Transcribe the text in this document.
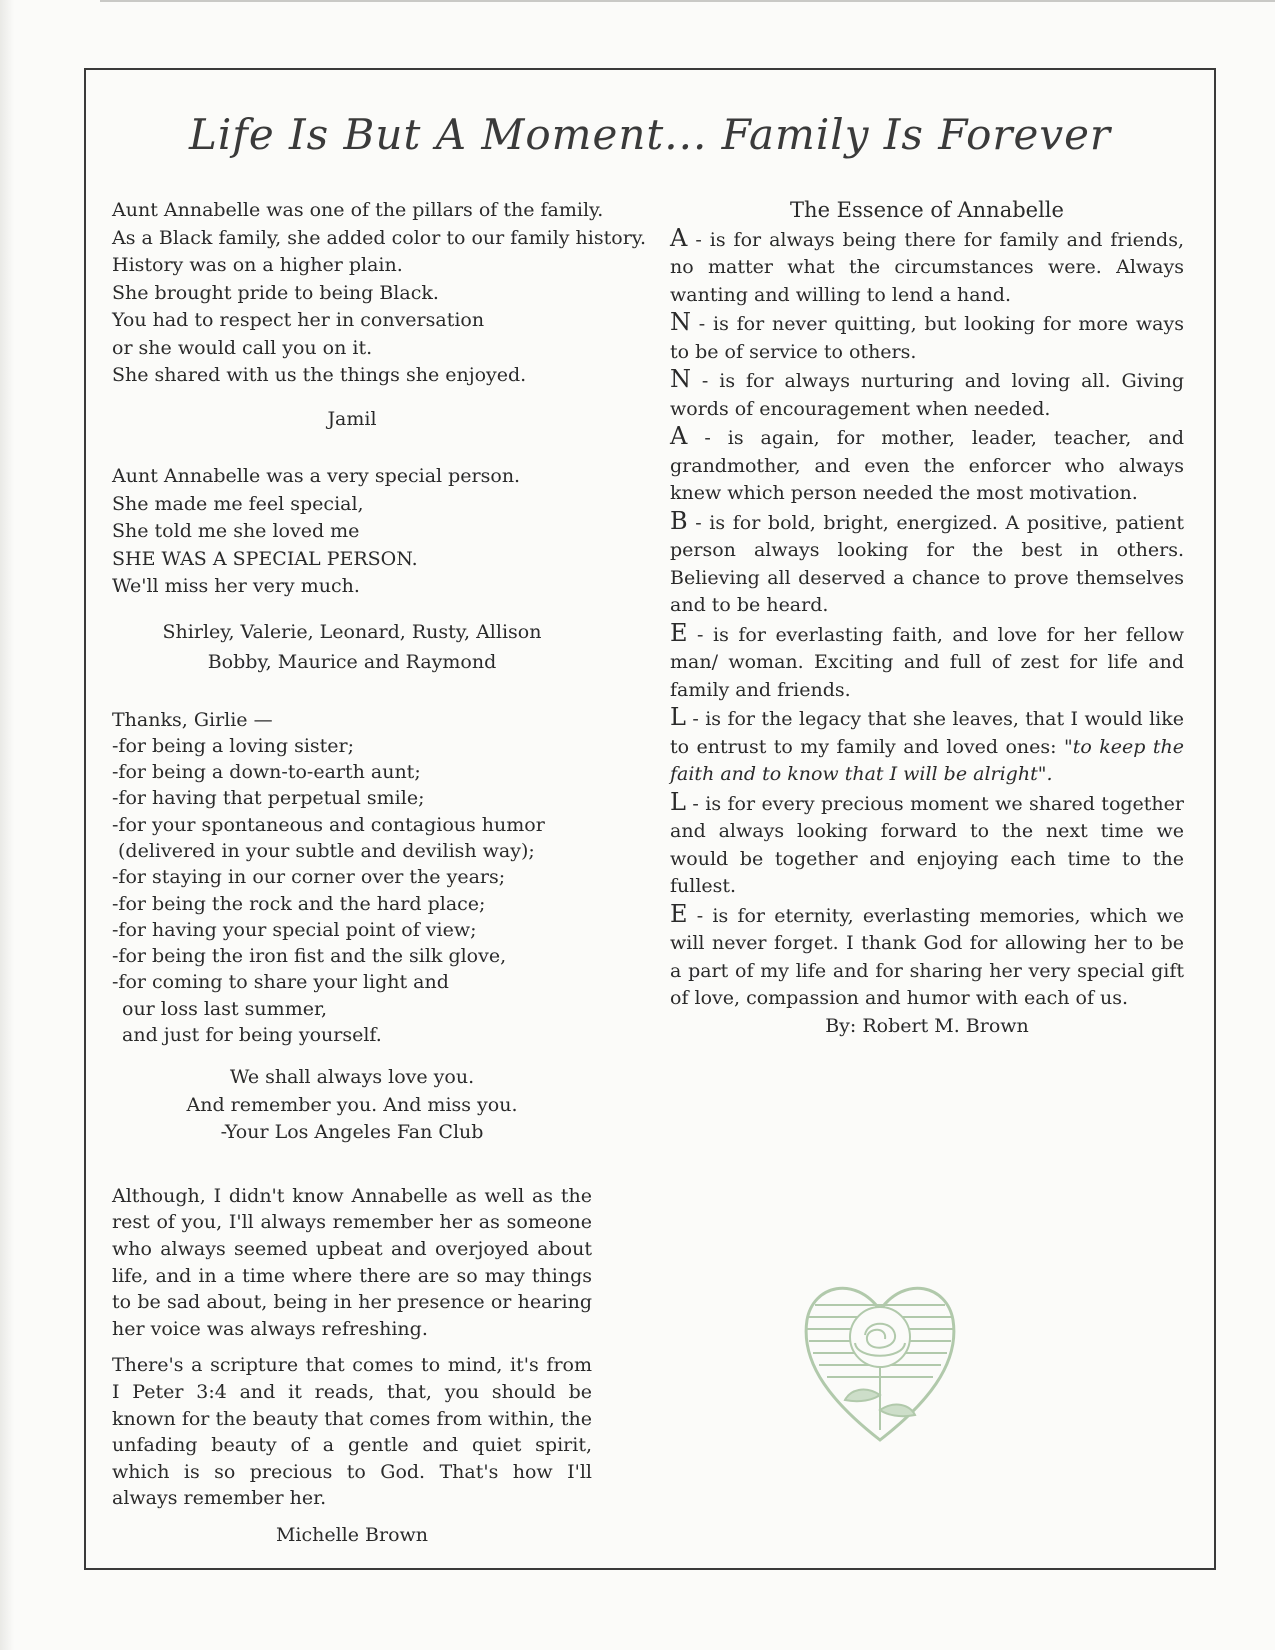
Life Is But A Moment... Family Is Forever
Aunt Annabelle was one of the pillars of the family.
As a Black family, she added color to our family history.
History was on a higher plain.
She brought pride to being Black.
You had to respect her in conversation
or she would call you on it.
She shared with us the things she enjoyed.

Jamil

Aunt Annabelle was a very special person.
She made me feel special,
She told me she loved me
SHE WAS A SPECIAL PERSON.
We'll miss her very much.
Shirley, Valerie, Leonard, Rusty, Allison
Bobby, Maurice and Raymond
Thanks, Girlie —
-for being a loving sister;
-for being a down-to-earth aunt;
-for having that perpetual smile;
-for your spontaneous and contagious humor
(delivered in your subtle and devilish way);
-for staying in our corner over the years;
-for being the rock and the hard place;
-for having your special point of view;
-for being the iron fist and the silk glove,
-for coming to share your light and
our loss last summer,
and just for being yourself.
We shall always love you.
And remember you. And miss you.
-Your Los Angeles Fan Club

Although, I didn't know Annabelle as well as the rest of you, I'll always remember her as someone who always seemed upbeat and overjoyed about life, and in a time where there are so may things to be sad about, being in her presence or hearing her voice was always refreshing.

There's a scripture that comes to mind, it's from I Peter 3:4 and it reads, that, you should be known for the beauty that comes from within, the unfading beauty of a gentle and quiet spirit, which is so precious to God. That's how I'll always remember her.

Michelle Brown

The Essence of Annabelle

A - is for always being there for family and friends, no matter what the circumstances were. Always wanting and willing to lend a hand.

N - is for never quitting, but looking for more ways to be of service to others.

N - is for always nurturing and loving all. Giving words of encouragement when needed.

A - is again, for mother, leader, teacher, and grandmother, and even the enforcer who always knew which person needed the most motivation.

B - is for bold, bright, energized. A positive, patient person always looking for the best in others. Believing all deserved a chance to prove themselves and to be heard.

E - is for everlasting faith, and love for her fellow man/ woman. Exciting and full of zest for life and family and friends.

L - is for the legacy that she leaves, that I would like to entrust to my family and loved ones: "to keep the faith and to know that I will be alright".

L - is for every precious moment we shared together and always looking forward to the next time we would be together and enjoying each time to the fullest.

E - is for eternity, everlasting memories, which we will never forget. I thank God for allowing her to be a part of my life and for sharing her very special gift of love, compassion and humor with each of us.

By: Robert M. Brown
